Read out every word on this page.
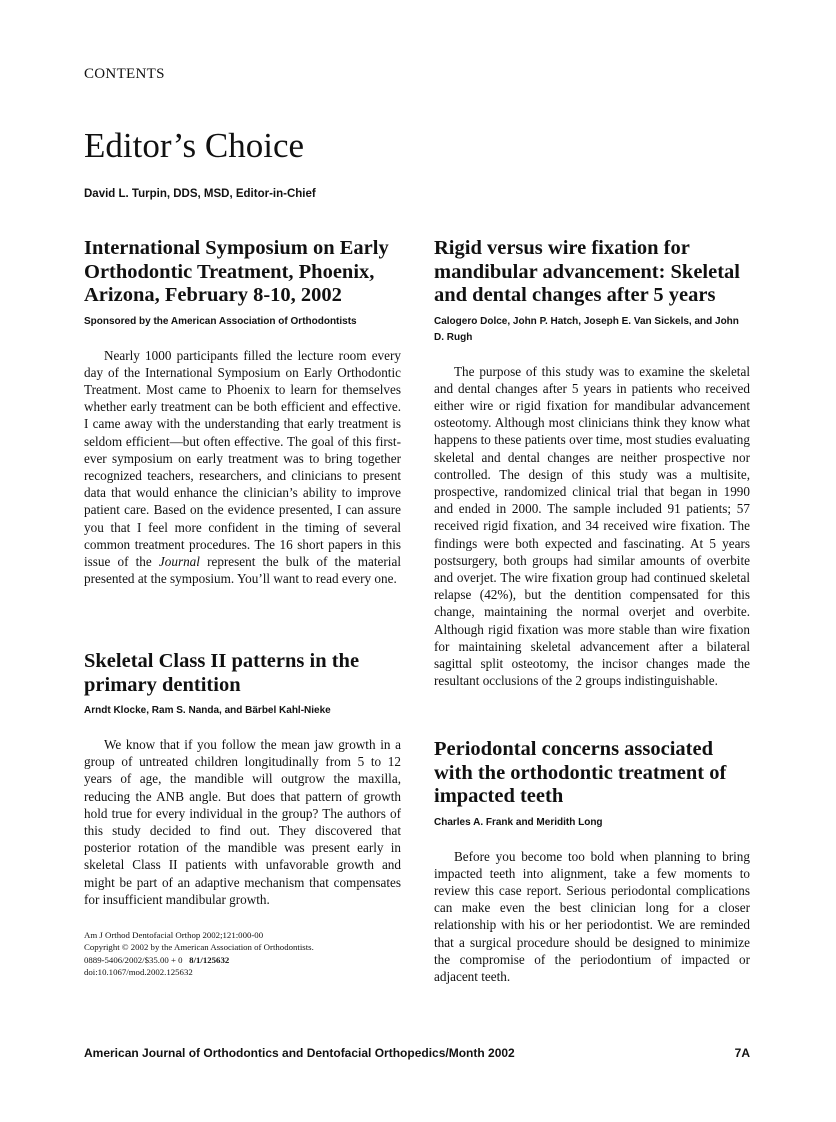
CONTENTS
Editor’s Choice
David L. Turpin, DDS, MSD, Editor-in-Chief
International Symposium on Early Orthodontic Treatment, Phoenix, Arizona, February 8-10, 2002
Sponsored by the American Association of Orthodontists

Nearly 1000 participants filled the lecture room every day of the International Symposium on Early Orthodontic Treatment. Most came to Phoenix to learn for themselves whether early treatment can be both efficient and effective. I came away with the understanding that early treatment is seldom efficient—but often effective. The goal of this first-ever symposium on early treatment was to bring together recognized teachers, researchers, and clinicians to present data that would enhance the clinician’s ability to improve patient care. Based on the evidence presented, I can assure you that I feel more confident in the timing of several common treatment procedures. The 16 short papers in this issue of the Journal represent the bulk of the material presented at the symposium. You’ll want to read every one.

Skeletal Class II patterns in the primary dentition
Arndt Klocke, Ram S. Nanda, and Bärbel Kahl-Nieke

We know that if you follow the mean jaw growth in a group of untreated children longitudinally from 5 to 12 years of age, the mandible will outgrow the maxilla, reducing the ANB angle. But does that pattern of growth hold true for every individual in the group? The authors of this study decided to find out. They discovered that posterior rotation of the mandible was present early in skeletal Class II patients with unfavorable growth and might be part of an adaptive mechanism that compensates for insufficient mandibular growth.

Am J Orthod Dentofacial Orthop 2002;121:000-00
Copyright © 2002 by the American Association of Orthodontists.
0889-5406/2002/$35.00 + 0 8/1/125632
doi:10.1067/mod.2002.125632
Rigid versus wire fixation for mandibular advancement: Skeletal and dental changes after 5 years
Calogero Dolce, John P. Hatch, Joseph E. Van Sickels, and John D. Rugh

The purpose of this study was to examine the skeletal and dental changes after 5 years in patients who received either wire or rigid fixation for mandibular advancement osteotomy. Although most clinicians think they know what happens to these patients over time, most studies evaluating skeletal and dental changes are neither prospective nor controlled. The design of this study was a multisite, prospective, randomized clinical trial that began in 1990 and ended in 2000. The sample included 91 patients; 57 received rigid fixation, and 34 received wire fixation. The findings were both expected and fascinating. At 5 years postsurgery, both groups had similar amounts of overbite and overjet. The wire fixation group had continued skeletal relapse (42%), but the dentition compensated for this change, maintaining the normal overjet and overbite. Although rigid fixation was more stable than wire fixation for maintaining skeletal advancement after a bilateral sagittal split osteotomy, the incisor changes made the resultant occlusions of the 2 groups indistinguishable.

Periodontal concerns associated with the orthodontic treatment of impacted teeth
Charles A. Frank and Meridith Long

Before you become too bold when planning to bring impacted teeth into alignment, take a few moments to review this case report. Serious periodontal complications can make even the best clinician long for a closer relationship with his or her periodontist. We are reminded that a surgical procedure should be designed to minimize the compromise of the periodontium of impacted or adjacent teeth.

American Journal of Orthodontics and Dentofacial Orthopedics/Month 2002	7A
